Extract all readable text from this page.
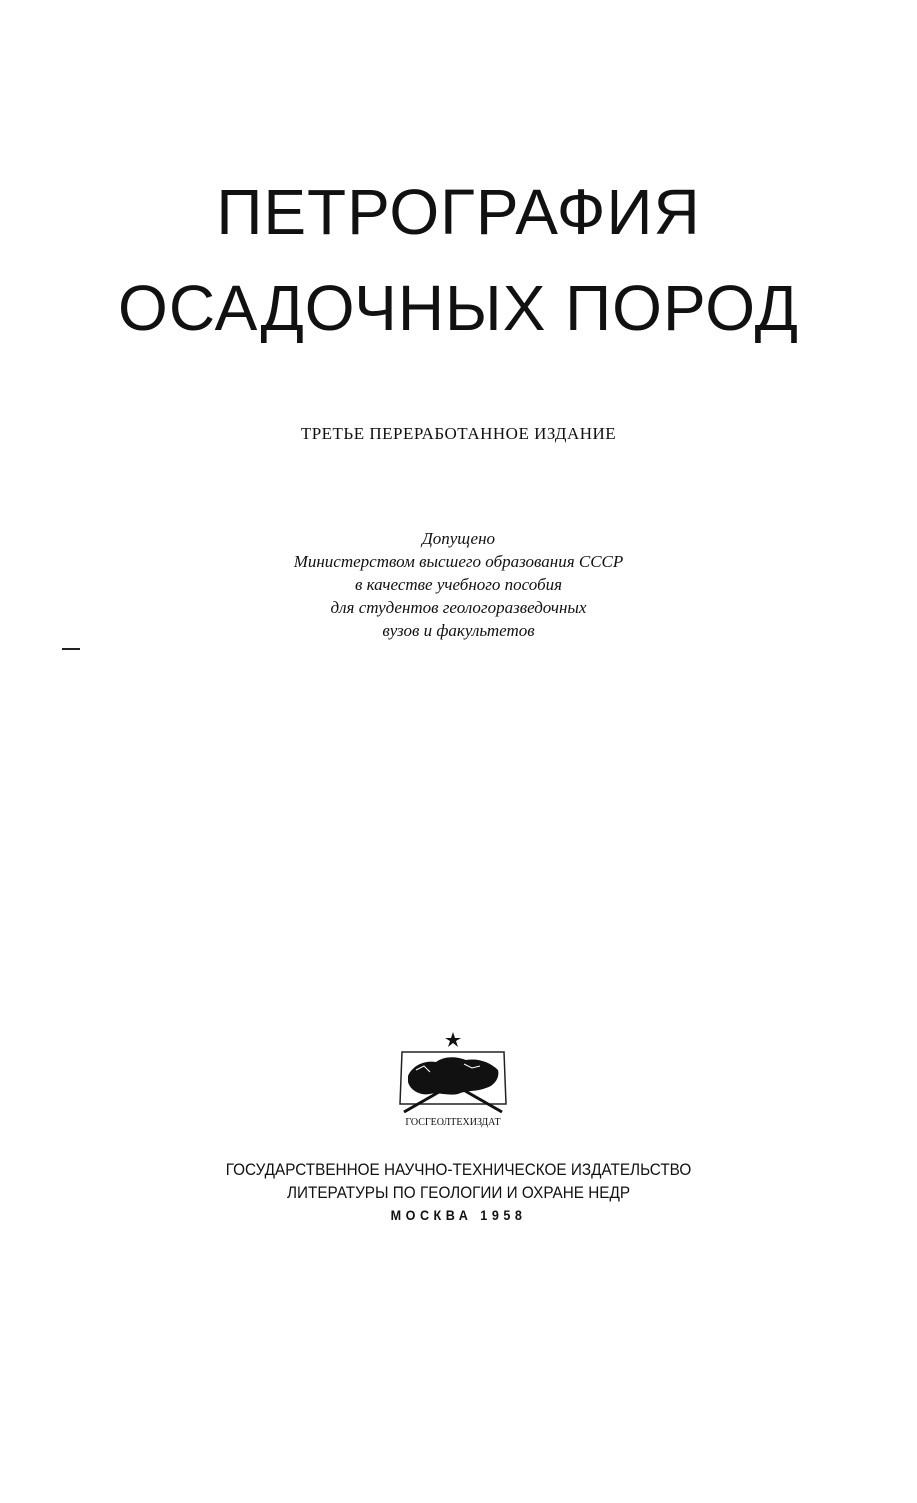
ПЕТРОГРАФИЯ
ОСАДОЧНЫХ ПОРОД
ТРЕТЬЕ ПЕРЕРАБОТАННОЕ ИЗДАНИЕ
Допущено
Министерством высшего образования СССР
в качестве учебного пособия
для студентов геологоразведочных
вузов и факультетов
ГОСГЕОЛТЕХИЗДАТ
ГОСУДАРСТВЕННОЕ НАУЧНО-ТЕХНИЧЕСКОЕ ИЗДАТЕЛЬСТВО
ЛИТЕРАТУРЫ ПО ГЕОЛОГИИ И ОХРАНЕ НЕДР
МОСКВА 1958
